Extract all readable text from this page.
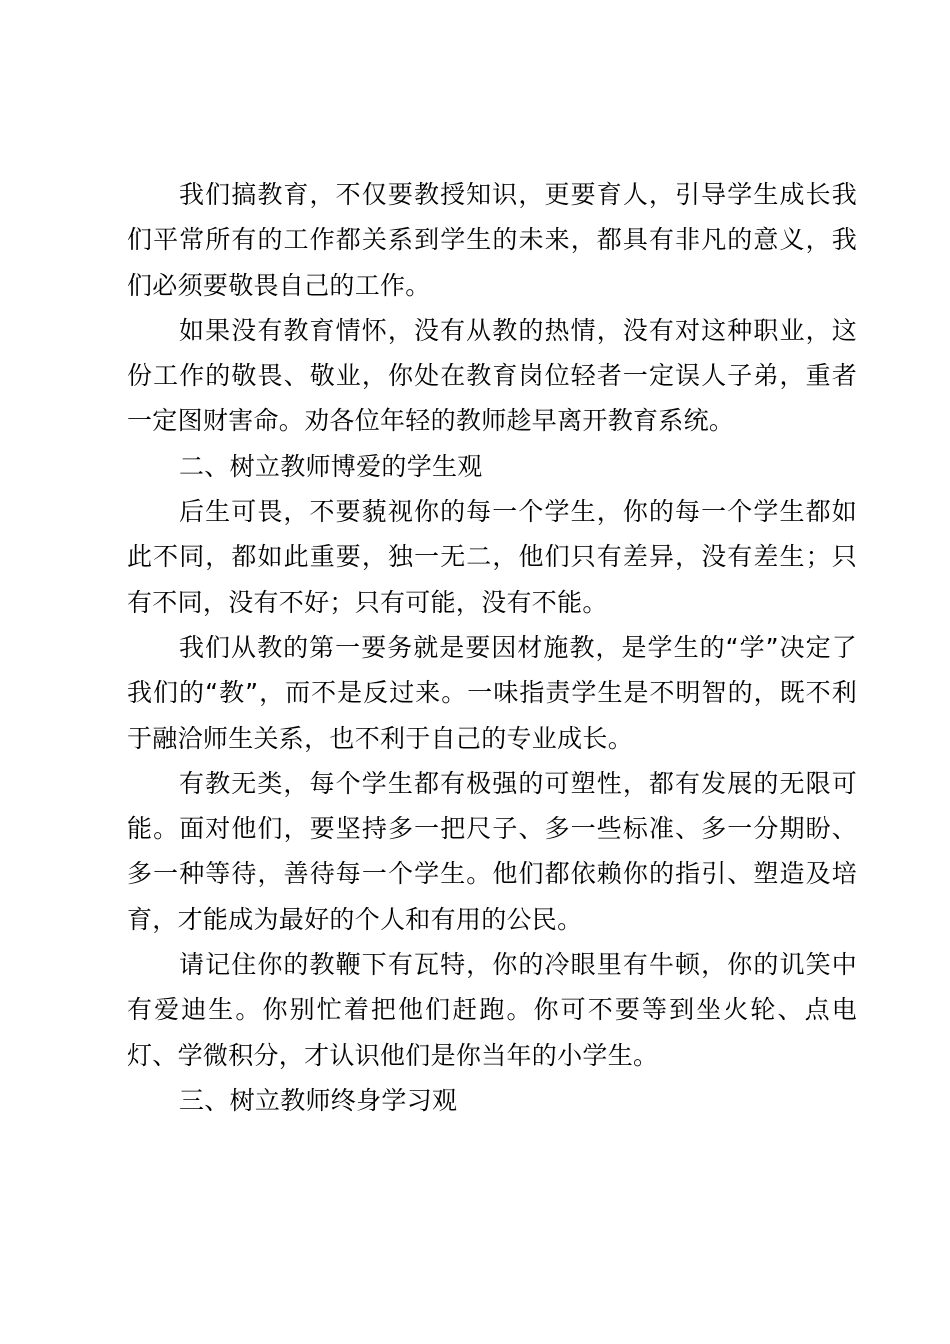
我们搞教育，不仅要教授知识，更要育人，引导学生成长我们平常所有的工作都关系到学生的未来，都具有非凡的意义，我们必须要敬畏自己的工作。

如果没有教育情怀，没有从教的热情，没有对这种职业，这份工作的敬畏、敬业，你处在教育岗位轻者一定误人子弟，重者一定图财害命。劝各位年轻的教师趁早离开教育系统。

二、树立教师博爱的学生观

后生可畏，不要藐视你的每一个学生，你的每一个学生都如此不同，都如此重要，独一无二，他们只有差异，没有差生；只有不同，没有不好；只有可能，没有不能。

我们从教的第一要务就是要因材施教，是学生的“学”决定了我们的“教”，而不是反过来。一味指责学生是不明智的，既不利于融洽师生关系，也不利于自己的专业成长。

有教无类，每个学生都有极强的可塑性，都有发展的无限可能。面对他们，要坚持多一把尺子、多一些标准、多一分期盼、多一种等待，善待每一个学生。他们都依赖你的指引、塑造及培育，才能成为最好的个人和有用的公民。

请记住你的教鞭下有瓦特，你的冷眼里有牛顿，你的讥笑中有爱迪生。你别忙着把他们赶跑。你可不要等到坐火轮、点电灯、学微积分，才认识他们是你当年的小学生。

三、树立教师终身学习观
